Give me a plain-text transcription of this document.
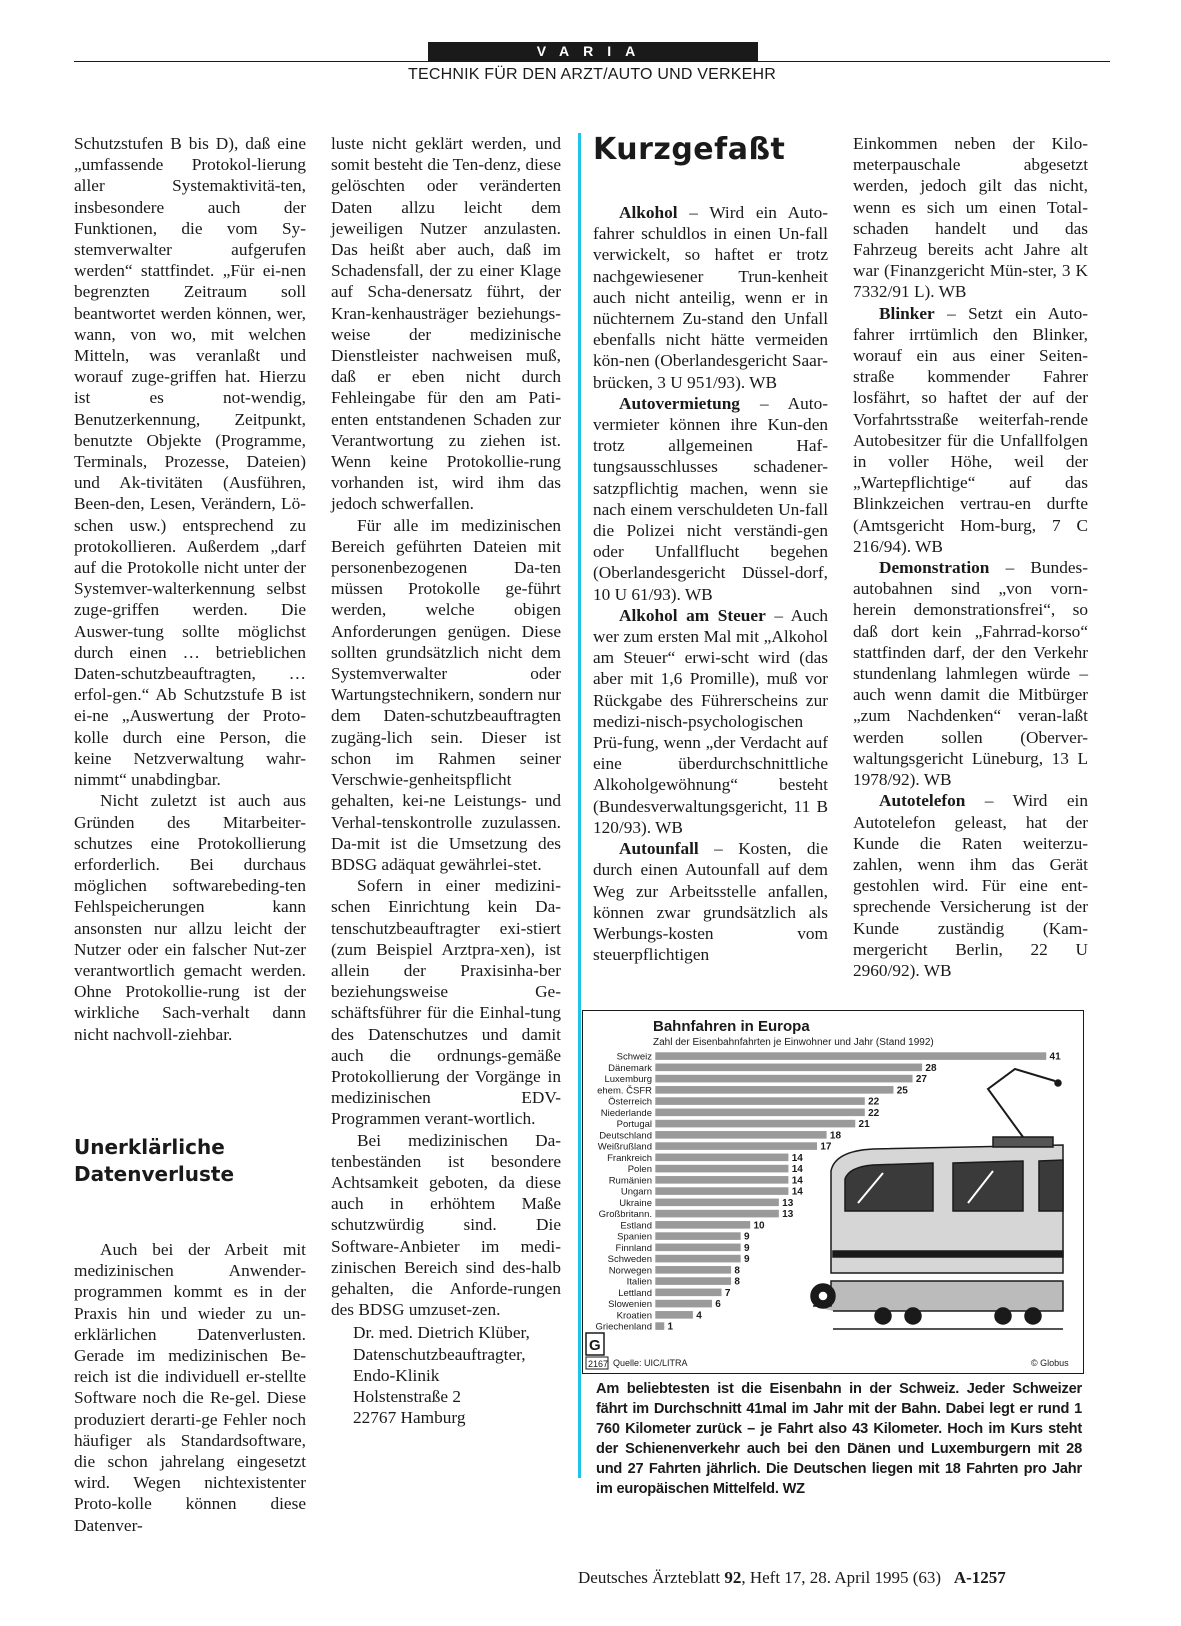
VARIA
TECHNIK FÜR DEN ARZT/AUTO UND VERKEHR

Schutzstufen B bis D), daß eine „umfassende Protokol-lierung aller Systemaktivitä-ten, insbesondere auch der Funktionen, die vom Sy-stemverwalter aufgerufen werden“ stattfindet. „Für ei-nen begrenzten Zeitraum soll beantwortet werden können, wer, wann, von wo, mit welchen Mitteln, was veranlaßt und worauf zuge-griffen hat. Hierzu ist es not-wendig, Benutzerkennung, Zeitpunkt, benutzte Objekte (Programme, Terminals, Prozesse, Dateien) und Ak-tivitäten (Ausführen, Been-den, Lesen, Verändern, Lö-schen usw.) entsprechend zu protokollieren. Außerdem „darf auf die Protokolle nicht unter der Systemver-walterkennung selbst zuge-griffen werden. Die Auswer-tung sollte möglichst durch einen … betrieblichen Daten-schutzbeauftragten, … erfol-gen.“ Ab Schutzstufe B ist ei-ne „Auswertung der Proto-kolle durch eine Person, die keine Netzverwaltung wahr-nimmt“ unabdingbar.

Nicht zuletzt ist auch aus Gründen des Mitarbeiter-schutzes eine Protokollierung erforderlich. Bei durchaus möglichen softwarebeding-ten Fehlspeicherungen kann ansonsten nur allzu leicht der Nutzer oder ein falscher Nut-zer verantwortlich gemacht werden. Ohne Protokollie-rung ist der wirkliche Sach-verhalt dann nicht nachvoll-ziehbar.

Unerklärliche
Datenverluste

Auch bei der Arbeit mit medizinischen Anwender-programmen kommt es in der Praxis hin und wieder zu un-erklärlichen Datenverlusten. Gerade im medizinischen Be-reich ist die individuell er-stellte Software noch die Re-gel. Diese produziert derarti-ge Fehler noch häufiger als Standardsoftware, die schon jahrelang eingesetzt wird. Wegen nichtexistenter Proto-kolle können diese Datenver-

luste nicht geklärt werden, und somit besteht die Ten-denz, diese gelöschten oder veränderten Daten allzu leicht dem jeweiligen Nutzer anzulasten. Das heißt aber auch, daß im Schadensfall, der zu einer Klage auf Scha-denersatz führt, der Kran-kenhausträger beziehungs-weise der medizinische Dienstleister nachweisen muß, daß er eben nicht durch Fehleingabe für den am Pati-enten entstandenen Schaden zur Verantwortung zu ziehen ist. Wenn keine Protokollie-rung vorhanden ist, wird ihm das jedoch schwerfallen.

Für alle im medizinischen Bereich geführten Dateien mit personenbezogenen Da-ten müssen Protokolle ge-führt werden, welche obigen Anforderungen genügen. Diese sollten grundsätzlich nicht dem Systemverwalter oder Wartungstechnikern, sondern nur dem Daten-schutzbeauftragten zugäng-lich sein. Dieser ist schon im Rahmen seiner Verschwie-genheitspflicht gehalten, kei-ne Leistungs- und Verhal-tenskontrolle zuzulassen. Da-mit ist die Umsetzung des BDSG adäquat gewährlei-stet.

Sofern in einer medizini-schen Einrichtung kein Da-tenschutzbeauftragter exi-stiert (zum Beispiel Arztpra-xen), ist allein der Praxisinha-ber beziehungsweise Ge-schäftsführer für die Einhal-tung des Datenschutzes und damit auch die ordnungs-gemäße Protokollierung der Vorgänge in medizinischen EDV-Programmen verant-wortlich.

Bei medizinischen Da-tenbeständen ist besondere Achtsamkeit geboten, da diese auch in erhöhtem Maße schutzwürdig sind. Die Software-Anbieter im medi-zinischen Bereich sind des-halb gehalten, die Anforde-rungen des BDSG umzuset-zen.

Dr. med. Dietrich Klüber,
Datenschutzbeauftragter,
Endo-Klinik
Holstenstraße 2
22767 Hamburg
Kurzgefaßt

Alkohol – Wird ein Auto-fahrer schuldlos in einen Un-fall verwickelt, so haftet er trotz nachgewiesener Trun-kenheit auch nicht anteilig, wenn er in nüchternem Zu-stand den Unfall ebenfalls nicht hätte vermeiden kön-nen (Oberlandesgericht Saar-brücken, 3 U 951/93). WB

Autovermietung – Auto-vermieter können ihre Kun-den trotz allgemeinen Haf-tungsausschlusses schadener-satzpflichtig machen, wenn sie nach einem verschuldeten Un-fall die Polizei nicht verständi-gen oder Unfallflucht begehen (Oberlandesgericht Düssel-dorf, 10 U 61/93). WB

Alkohol am Steuer – Auch wer zum ersten Mal mit „Alkohol am Steuer“ erwi-scht wird (das aber mit 1,6 Promille), muß vor Rückgabe des Führerscheins zur medizi-nisch-psychologischen Prü-fung, wenn „der Verdacht auf eine überdurchschnittliche Alkoholgewöhnung“ besteht (Bundesverwaltungsgericht, 11 B 120/93). WB

Autounfall – Kosten, die durch einen Autounfall auf dem Weg zur Arbeitsstelle anfallen, können zwar grundsätzlich als Werbungs-kosten vom steuerpflichtigen

Einkommen neben der Kilo-meterpauschale abgesetzt werden, jedoch gilt das nicht, wenn es sich um einen Total-schaden handelt und das Fahrzeug bereits acht Jahre alt war (Finanzgericht Mün-ster, 3 K 7332/91 L). WB

Blinker – Setzt ein Auto-fahrer irrtümlich den Blinker, worauf ein aus einer Seiten-straße kommender Fahrer losfährt, so haftet der auf der Vorfahrtsstraße weiterfah-rende Autobesitzer für die Unfallfolgen in voller Höhe, weil der „Wartepflichtige“ auf das Blinkzeichen vertrau-en durfte (Amtsgericht Hom-burg, 7 C 216/94). WB

Demonstration – Bundes-autobahnen sind „von vorn-herein demonstrationsfrei“, so daß dort kein „Fahrrad-korso“ stattfinden darf, der den Verkehr stundenlang lahmlegen würde – auch wenn damit die Mitbürger „zum Nachdenken“ veran-laßt werden sollen (Oberver-waltungsgericht Lüneburg, 13 L 1978/92). WB

Autotelefon – Wird ein Autotelefon geleast, hat der Kunde die Raten weiterzu-zahlen, wenn ihm das Gerät gestohlen wird. Für eine ent-sprechende Versicherung ist der Kunde zuständig (Kam-mergericht Berlin, 22 U 2960/92). WB

Bahnfahren in Europa
Zahl der Eisenbahnfahrten je Einwohner und Jahr (Stand 1992)
Schweiz	41
Dänemark	28
Luxemburg	27
ehem. ČSFR	25
Österreich	22
Niederlande	22
Portugal	21
Deutschland	18
Weißrußland	17
Frankreich	14
Polen	14
Rumänien	14
Ungarn	14
Ukraine	13
Großbritann.	13
Estland	10
Spanien	9
Finnland	9
Schweden	9
Norwegen	8
Italien	8
Lettland	7
Slowenien	6
Kroatien	4
Griechenland 1
G
2167 Quelle: UIC/LITRA	© Globus
Am beliebtesten ist die Eisenbahn in der Schweiz. Jeder Schweizer fährt im Durchschnitt 41mal im Jahr mit der Bahn. Dabei legt er rund 1 760 Kilometer zurück – je Fahrt also 43 Kilometer. Hoch im Kurs steht der Schienenverkehr auch bei den Dänen und Luxemburgern mit 28 und 27 Fahrten jährlich. Die Deutschen liegen mit 18 Fahrten pro Jahr im europäischen Mittelfeld. WZ
Deutsches Ärzteblatt 92, Heft 17, 28. April 1995 (63)   A-1257
